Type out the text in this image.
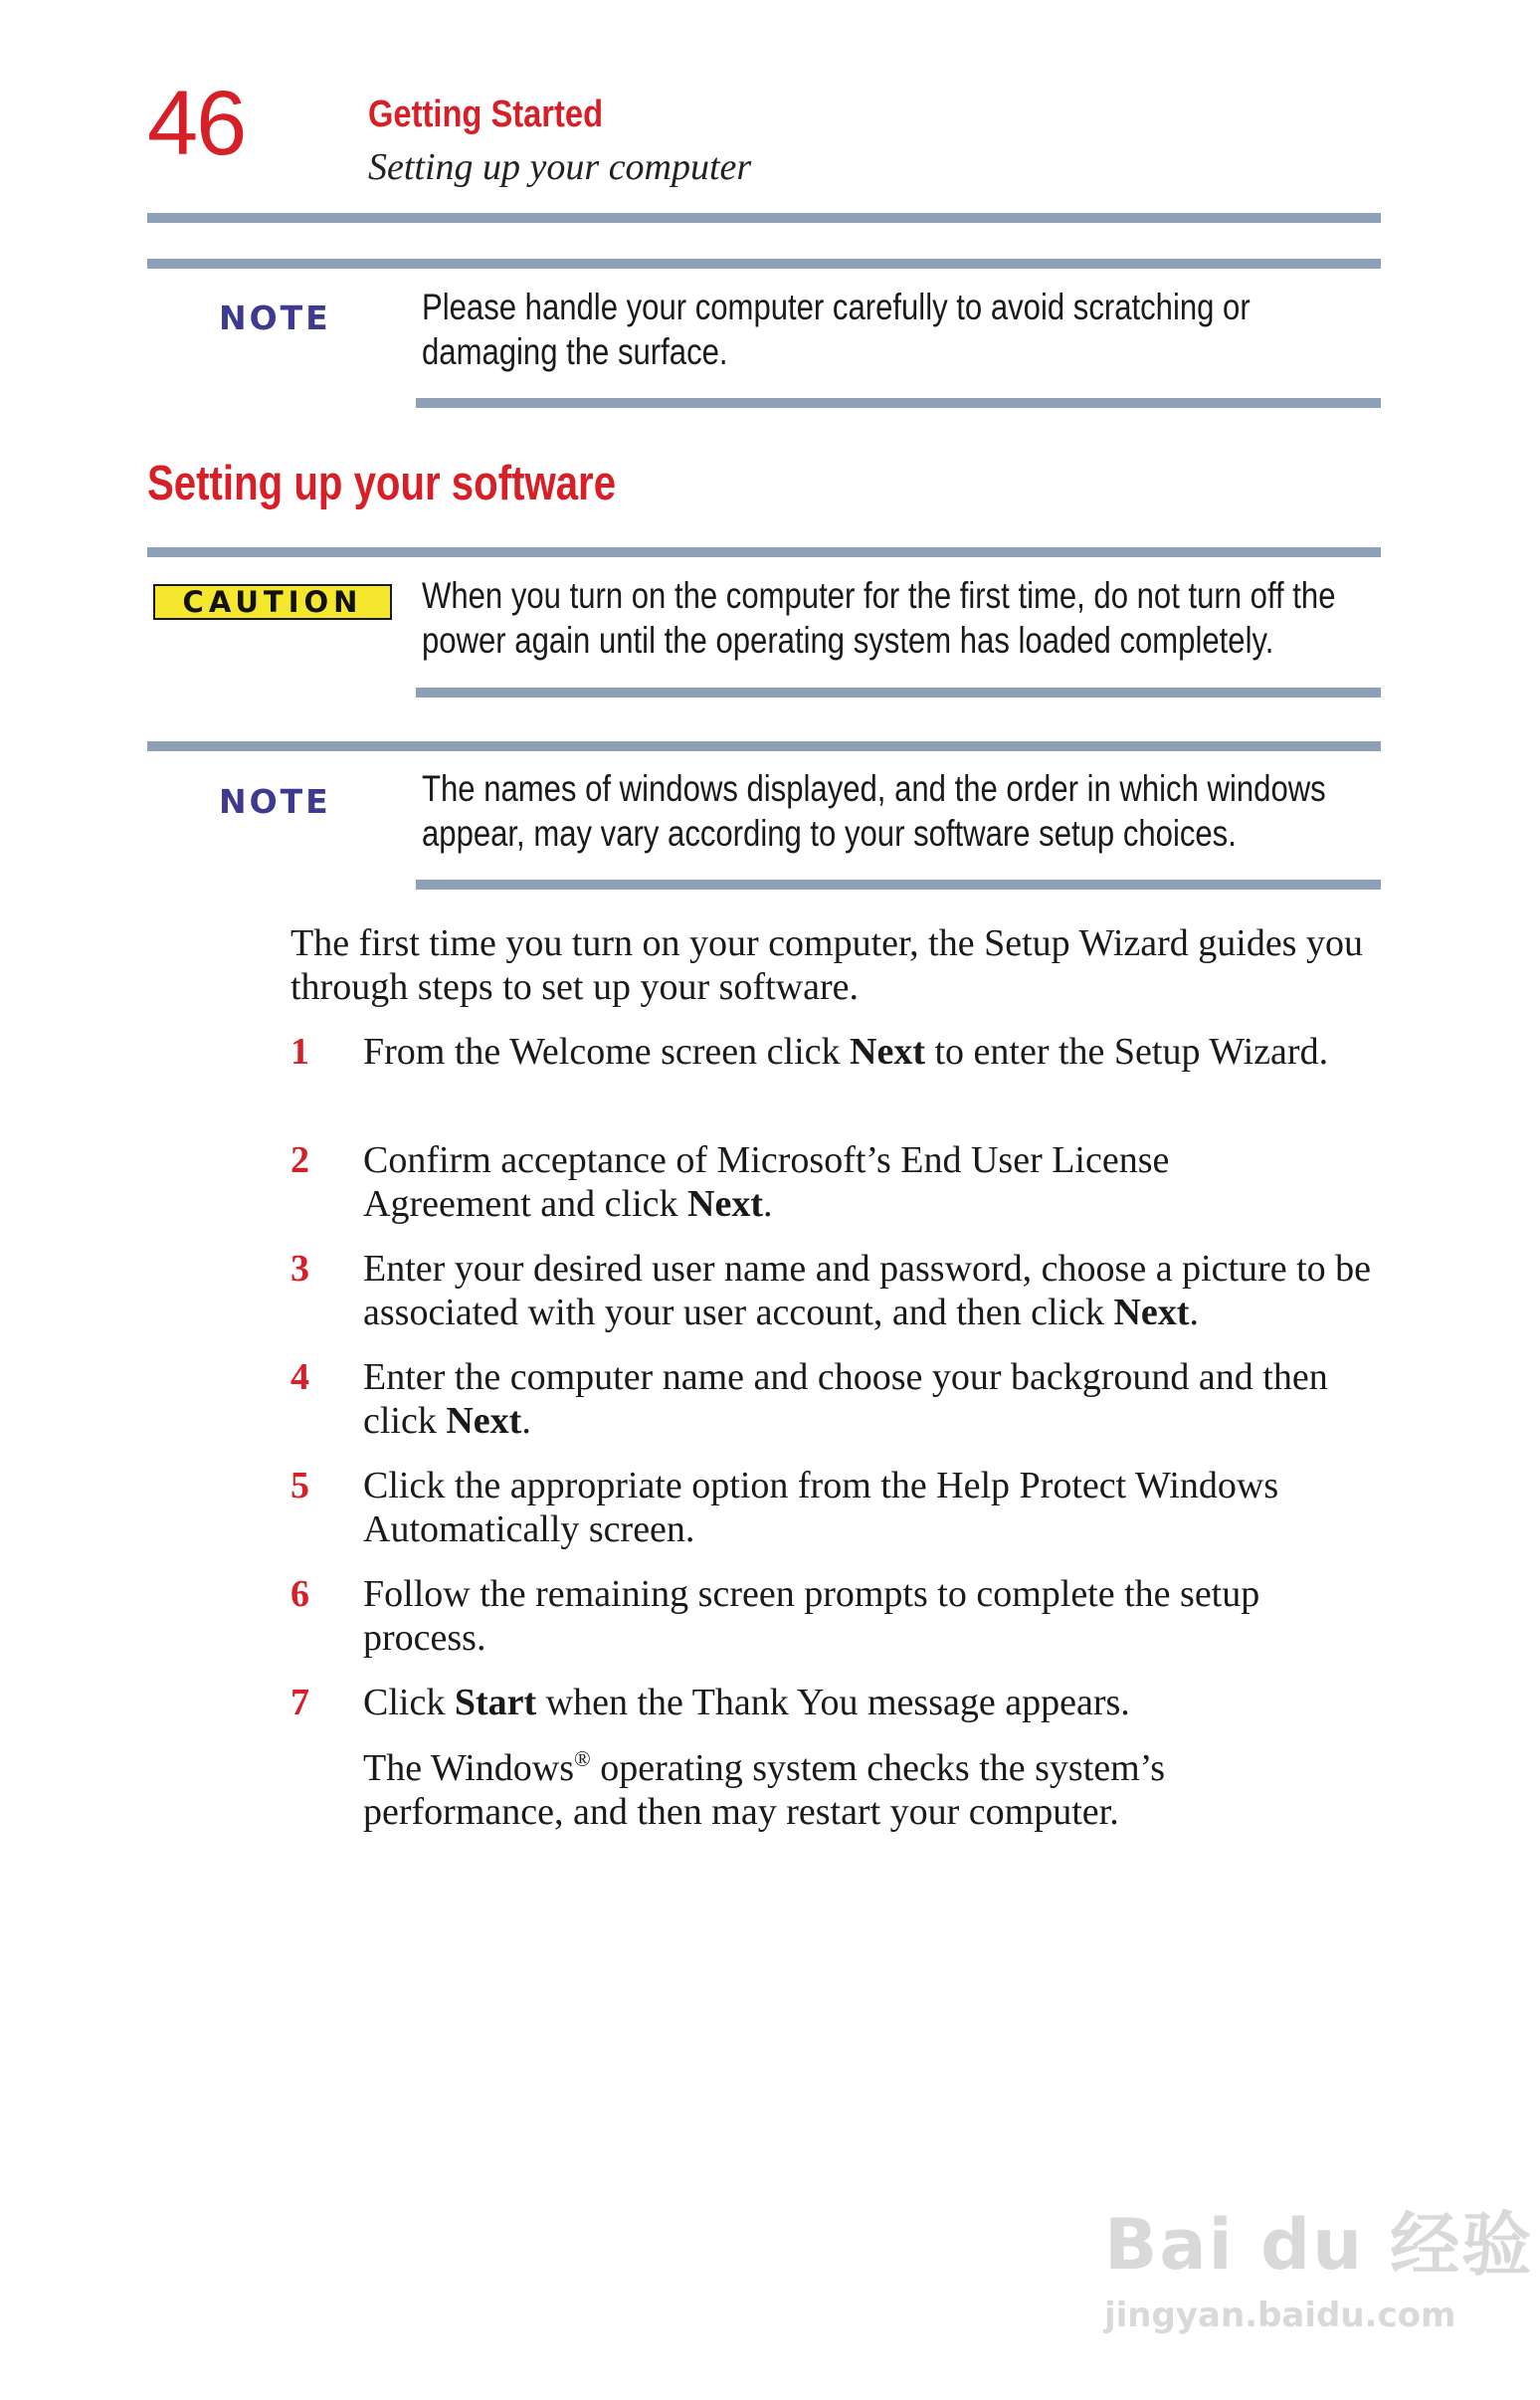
46	Getting Started
Setting up your computer
NOTE Please handle your computer carefully to avoid scratching or damaging the surface.
Setting up your software
CAUTION	When you turn on the computer for the first time, do not turn off the power again until the operating system has loaded completely.
NOTE The names of windows displayed, and the order in which windows appear, may vary according to your software setup choices.
The first time you turn on your computer, the Setup Wizard guides you through steps to set up your software.
1 From the Welcome screen click Next to enter the Setup Wizard.
2 Confirm acceptance of Microsoft’s End User License Agreement and click Next.
3 Enter your desired user name and password, choose a picture to be associated with your user account, and then click Next.
4 Enter the computer name and choose your background and then click Next.
5 Click the appropriate option from the Help Protect Windows Automatically screen.
6 Follow the remaining screen prompts to complete the setup process.
7 Click Start when the Thank You message appears.
The Windows® operating system checks the system’s performance, and then may restart your computer.
Bai du 经验
jingyan.baidu.com
